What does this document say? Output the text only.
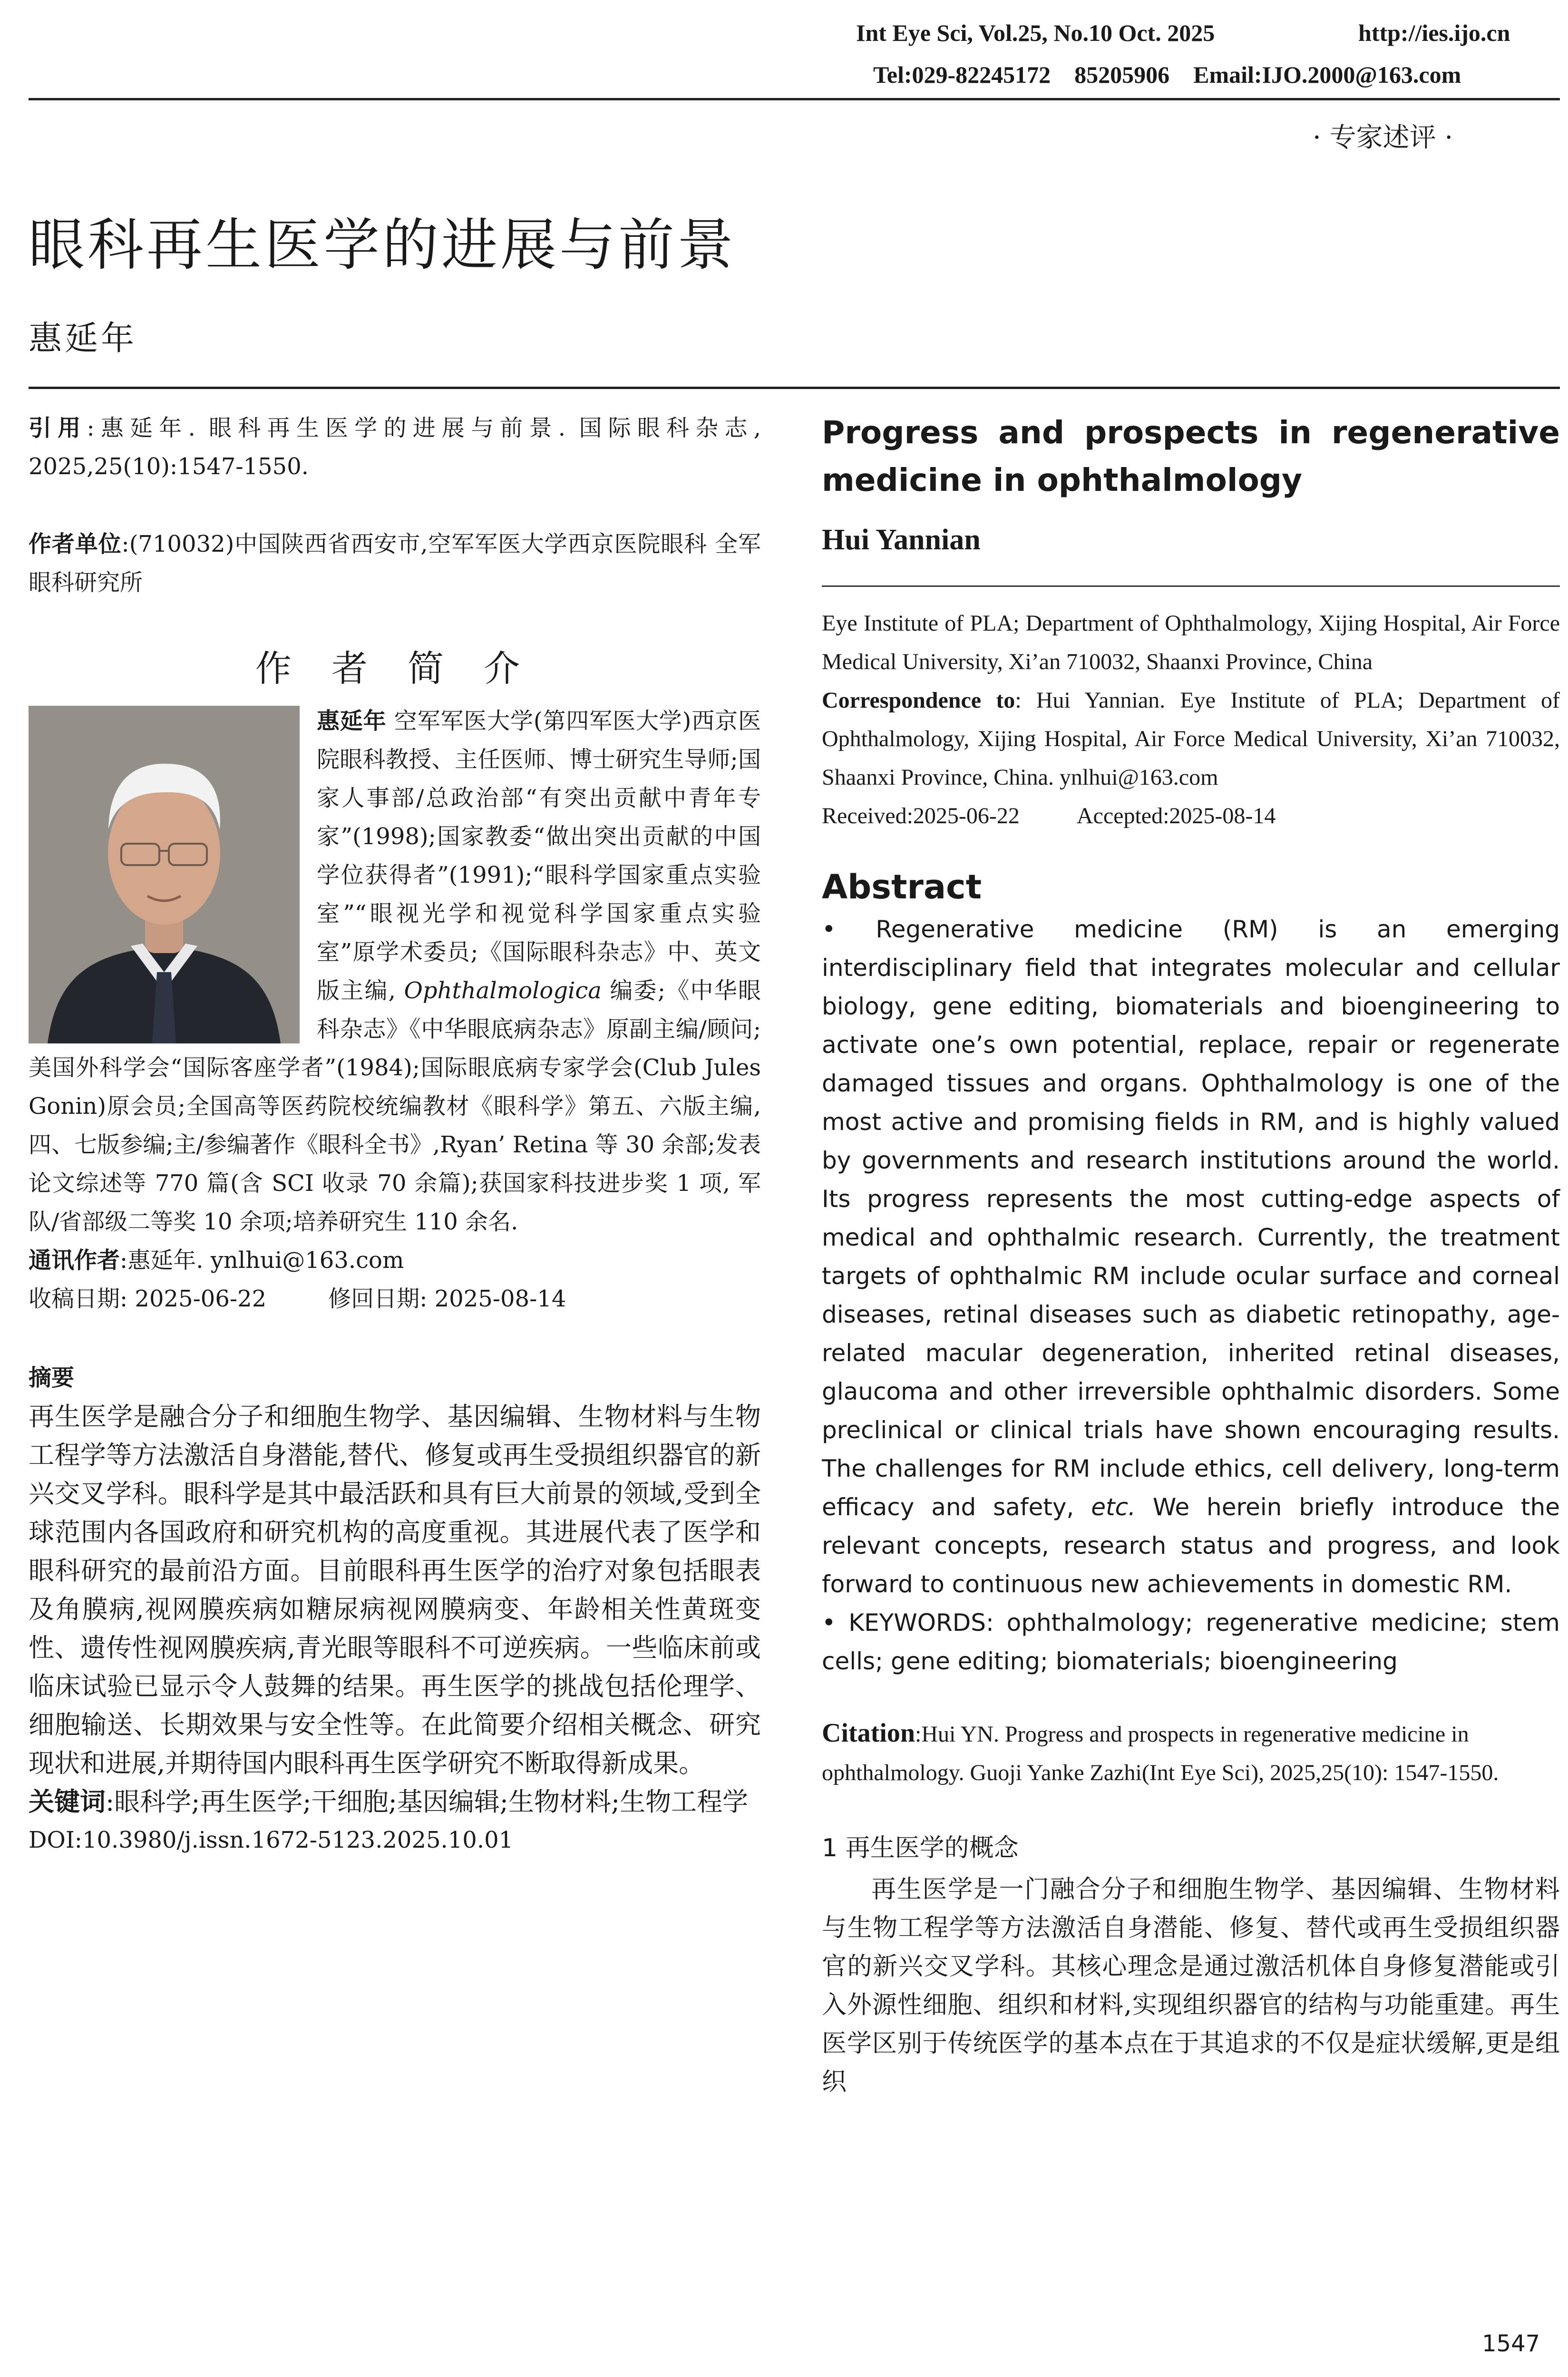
Int Eye Sci, Vol.25, No.10 Oct. 2025	http://ies.ijo.cn
Tel:029-82245172    85205906    Email:IJO.2000@163.com
· 专家述评 ·
眼科再生医学的进展与前景
惠延年

引用:惠延年. 眼科再生医学的进展与前景. 国际眼科杂志, 2025,25(10):1547-1550.

作者单位:(710032)中国陕西省西安市,空军军医大学西京医院眼科 全军眼科研究所

作 者 简 介

惠延年 空军军医大学(第四军医大学)西京医院眼科教授、主任医师、博士研究生导师;国家人事部/总政治部“有突出贡献中青年专家”(1998);国家教委“做出突出贡献的中国学位获得者”(1991);“眼科学国家重点实验室”“眼视光学和视觉科学国家重点实验室”原学术委员;《国际眼科杂志》中、英文版主编, Ophthalmologica 编委;《中华眼科杂志》《中华眼底病杂志》原副主编/顾问;美国外科学会“国际客座学者”(1984);国际眼底病专家学会(Club Jules Gonin)原会员;全国高等医药院校统编教材《眼科学》第五、六版主编, 四、七版参编;主/参编著作《眼科全书》,Ryan’ Retina 等 30 余部;发表论文综述等 770 篇(含 SCI 收录 70 余篇);获国家科技进步奖 1 项, 军队/省部级二等奖 10 余项;培养研究生 110 余名.

通讯作者:惠延年. ynlhui@163.com

收稿日期: 2025-06-22	修回日期: 2025-08-14

摘要

再生医学是融合分子和细胞生物学、基因编辑、生物材料与生物工程学等方法激活自身潜能,替代、修复或再生受损组织器官的新兴交叉学科。眼科学是其中最活跃和具有巨大前景的领域,受到全球范围内各国政府和研究机构的高度重视。其进展代表了医学和眼科研究的最前沿方面。目前眼科再生医学的治疗对象包括眼表及角膜病,视网膜疾病如糖尿病视网膜病变、年龄相关性黄斑变性、遗传性视网膜疾病,青光眼等眼科不可逆疾病。一些临床前或临床试验已显示令人鼓舞的结果。再生医学的挑战包括伦理学、细胞输送、长期效果与安全性等。在此简要介绍相关概念、研究现状和进展,并期待国内眼科再生医学研究不断取得新成果。

关键词:眼科学;再生医学;干细胞;基因编辑;生物材料;生物工程学

DOI:10.3980/j.issn.1672-5123.2025.10.01

Progress and prospects in regenerative medicine in ophthalmology

Hui Yannian

Eye Institute of PLA; Department of Ophthalmology, Xijing Hospital, Air Force Medical University, Xi’an 710032, Shaanxi Province, China

Correspondence to: Hui Yannian. Eye Institute of PLA; Department of Ophthalmology, Xijing Hospital, Air Force Medical University, Xi’an 710032, Shaanxi Province, China. ynlhui@163.com

Received:2025-06-22	Accepted:2025-08-14

Abstract

• Regenerative medicine (RM) is an emerging interdisciplinary field that integrates molecular and cellular biology, gene editing, biomaterials and bioengineering to activate one’s own potential, replace, repair or regenerate damaged tissues and organs. Ophthalmology is one of the most active and promising fields in RM, and is highly valued by governments and research institutions around the world. Its progress represents the most cutting-edge aspects of medical and ophthalmic research. Currently, the treatment targets of ophthalmic RM include ocular surface and corneal diseases, retinal diseases such as diabetic retinopathy, age-related macular degeneration, inherited retinal diseases, glaucoma and other irreversible ophthalmic disorders. Some preclinical or clinical trials have shown encouraging results. The challenges for RM include ethics, cell delivery, long-term efficacy and safety, etc. We herein briefly introduce the relevant concepts, research status and progress, and look forward to continuous new achievements in domestic RM.

• KEYWORDS: ophthalmology; regenerative medicine; stem cells; gene editing; biomaterials; bioengineering

Citation:Hui YN. Progress and prospects in regenerative medicine in ophthalmology. Guoji Yanke Zazhi(Int Eye Sci), 2025,25(10): 1547-1550.

1 再生医学的概念

再生医学是一门融合分子和细胞生物学、基因编辑、生物材料与生物工程学等方法激活自身潜能、修复、替代或再生受损组织器官的新兴交叉学科。其核心理念是通过激活机体自身修复潜能或引入外源性细胞、组织和材料,实现组织器官的结构与功能重建。再生医学区别于传统医学的基本点在于其追求的不仅是症状缓解,更是组织

1547
